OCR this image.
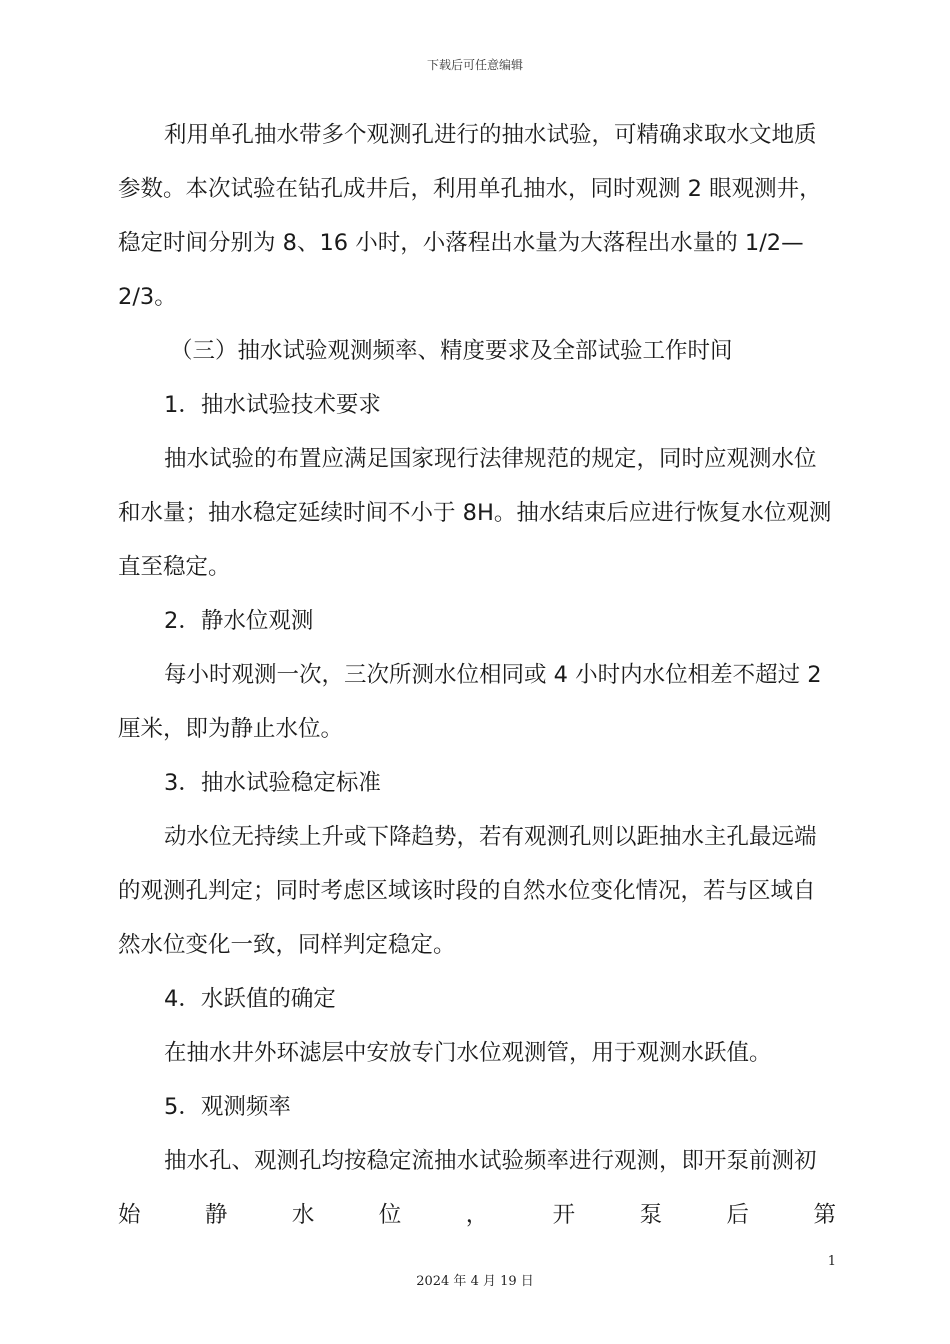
下载后可任意编辑

利用单孔抽水带多个观测孔进行的抽水试验，可精确求取水文地质参数。本次试验在钻孔成井后，利用单孔抽水，同时观测 2 眼观测井，稳定时间分别为 8、16 小时，小落程出水量为大落程出水量的 1/2—2/3。

（三）抽水试验观测频率、精度要求及全部试验工作时间

1．抽水试验技术要求

抽水试验的布置应满足国家现行法律规范的规定，同时应观测水位和水量；抽水稳定延续时间不小于 8H。抽水结束后应进行恢复水位观测直至稳定。

2．静水位观测

每小时观测一次，三次所测水位相同或 4 小时内水位相差不超过 2 厘米，即为静止水位。

3．抽水试验稳定标准

动水位无持续上升或下降趋势，若有观测孔则以距抽水主孔最远端的观测孔判定；同时考虑区域该时段的自然水位变化情况，若与区域自然水位变化一致，同样判定稳定。

4．水跃值的确定

在抽水井外环滤层中安放专门水位观测管，用于观测水跃值。

5．观测频率

抽水孔、观测孔均按稳定流抽水试验频率进行观测，即开泵前测初

始 静 水 位 ， 开 泵 后 第

1
2024 年 4 月 19 日
